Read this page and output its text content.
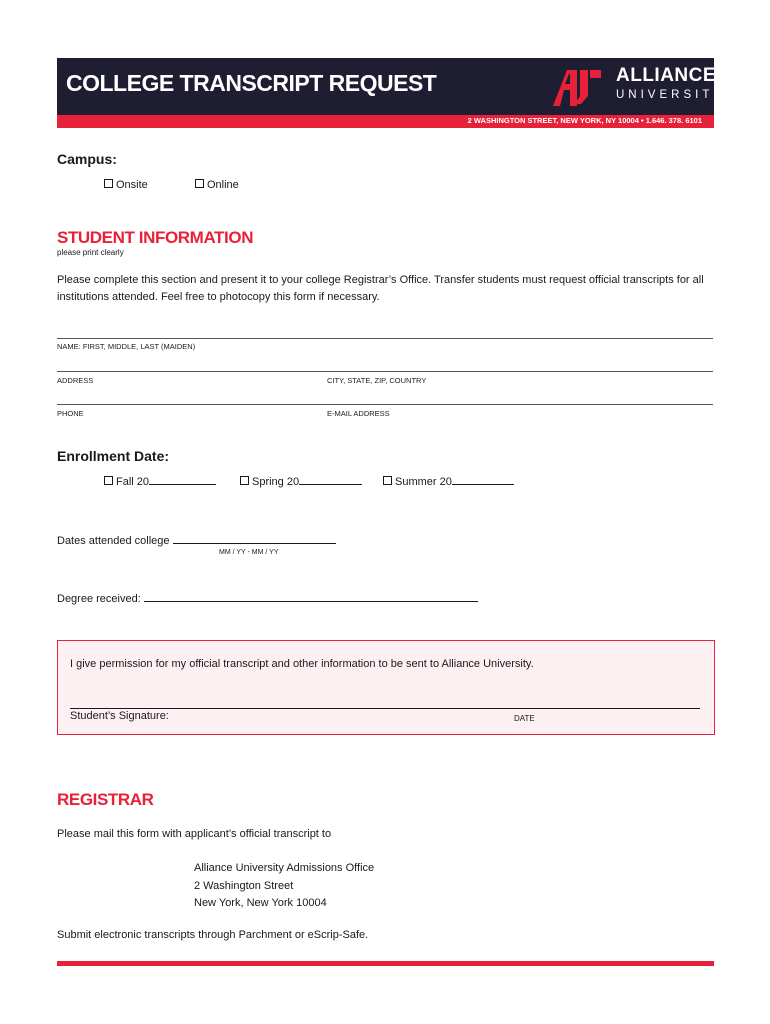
COLLEGE TRANSCRIPT REQUEST	ALLIANCE
UNIVERSITY
2 WASHINGTON STREET, NEW YORK, NY 10004 • 1.646. 378. 6101
Campus:
Onsite	Online
STUDENT INFORMATION
please print clearly
Please complete this section and present it to your college Registrar’s Office. Transfer students must request official transcripts for all institutions attended. Feel free to photocopy this form if necessary.
NAME: FIRST, MIDDLE, LAST (MAIDEN)
ADDRESS	CITY, STATE, ZIP, COUNTRY
PHONE	E-MAIL ADDRESS
Enrollment Date:
Fall 20	Spring 20	Summer 20
Dates attended college
MM / YY - MM / YY
Degree received:
I give permission for my official transcript and other information to be sent to Alliance University.
Student’s Signature:	DATE
REGISTRAR
Please mail this form with applicant’s official transcript to
Alliance University Admissions Office
2 Washington Street
New York, New York 10004
Submit electronic transcripts through Parchment or eScrip-Safe.
